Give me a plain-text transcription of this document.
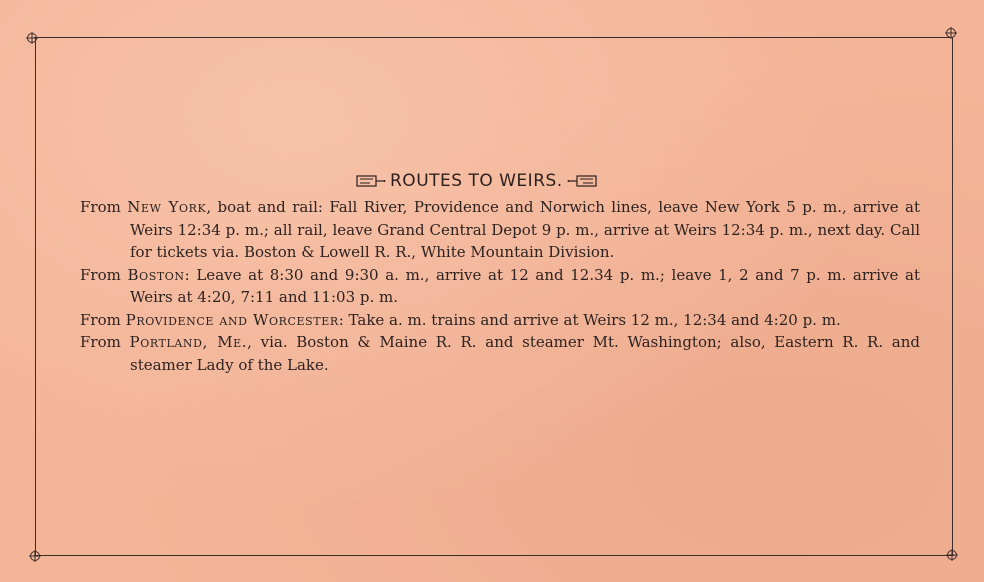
ROUTES TO WEIRS.

From New York, boat and rail: Fall River, Providence and Norwich lines, leave New York 5 p. m., arrive at Weirs 12:34 p. m.; all rail, leave Grand Central Depot 9 p. m., arrive at Weirs 12:34 p. m., next day. Call for tickets via. Boston & Lowell R. R., White Mountain Division.

From Boston: Leave at 8:30 and 9:30 a. m., arrive at 12 and 12.34 p. m.; leave 1, 2 and 7 p. m. arrive at Weirs at 4:20, 7:11 and 11:03 p. m.

From Providence and Worcester: Take a. m. trains and arrive at Weirs 12 m., 12:34 and 4:20 p. m.

From Portland, Me., via. Boston & Maine R. R. and steamer Mt. Washington; also, Eastern R. R. and steamer Lady of the Lake.
